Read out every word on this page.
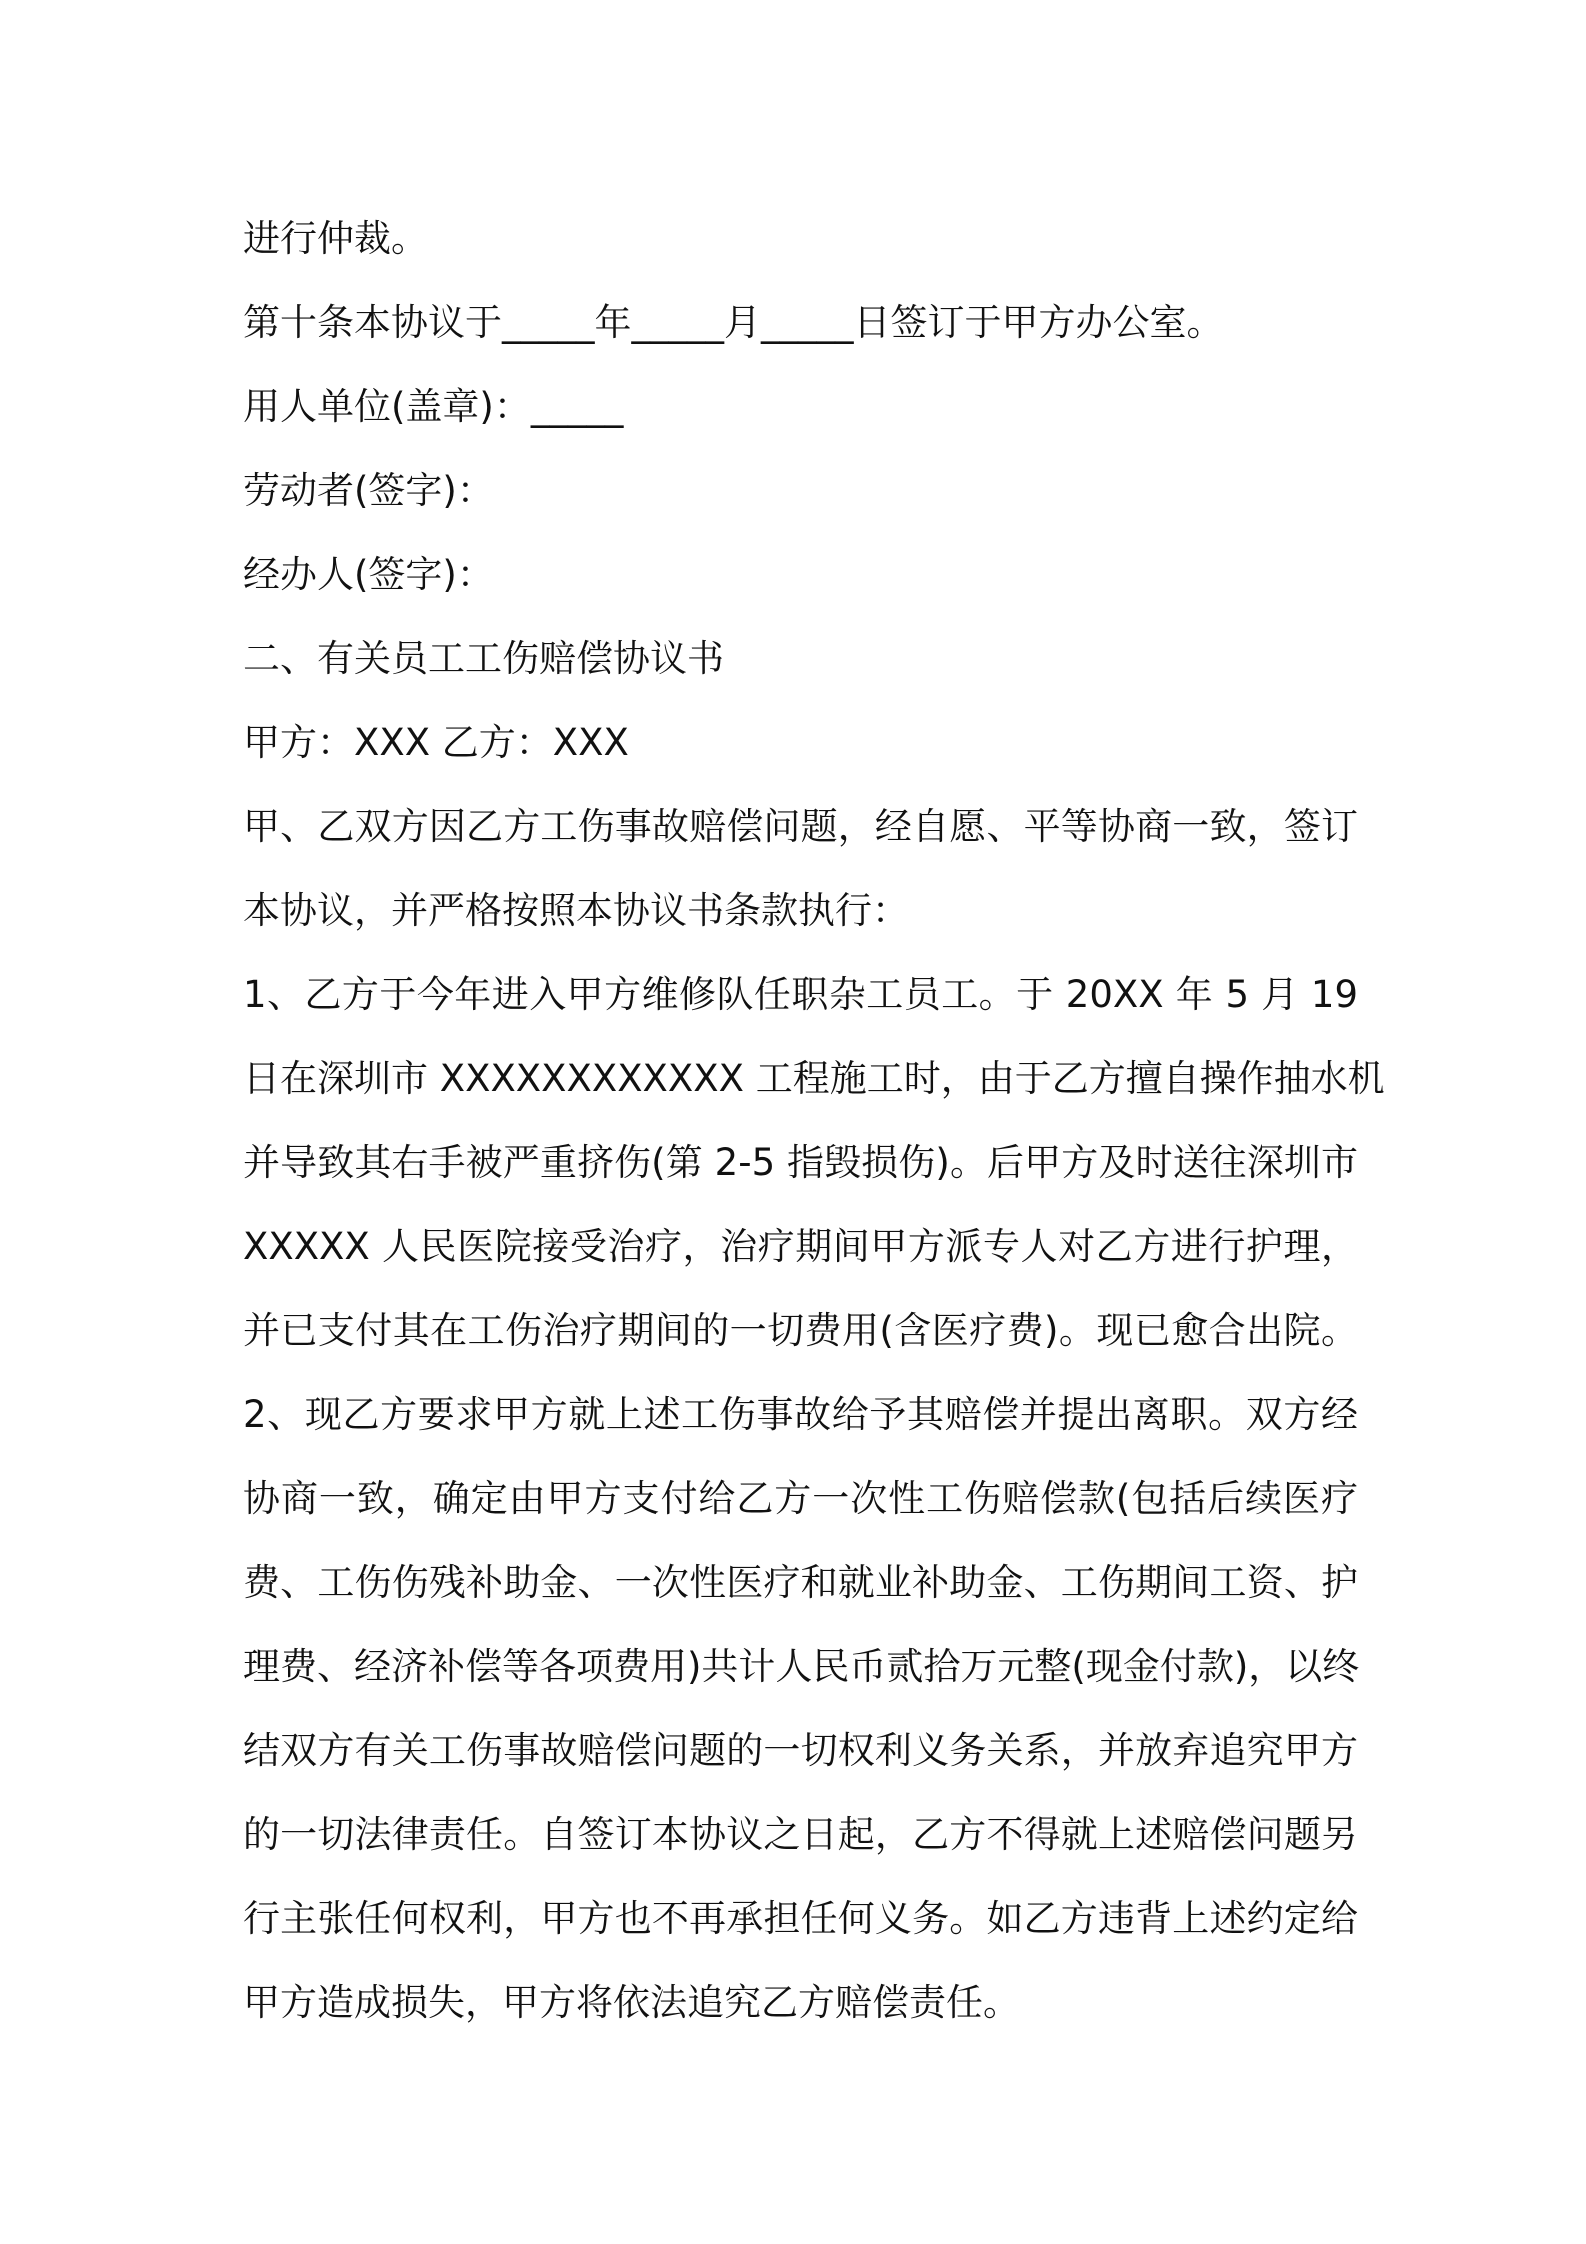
进行仲裁。
第十条本协议于_____年_____月_____日签订于甲方办公室。
用人单位(盖章)：_____
劳动者(签字)：
经办人(签字)：
二、有关员工工伤赔偿协议书
甲方：XXX 乙方：XXX
甲、乙双方因乙方工伤事故赔偿问题，经自愿、平等协商一致，签订
本协议，并严格按照本协议书条款执行：
1、乙方于今年进入甲方维修队任职杂工员工。于 20XX 年 5 月 19
日在深圳市 XXXXXXXXXXXX 工程施工时，由于乙方擅自操作抽水机
并导致其右手被严重挤伤(第 2-5 指毁损伤)。后甲方及时送往深圳市
XXXXX 人民医院接受治疗，治疗期间甲方派专人对乙方进行护理，
并已支付其在工伤治疗期间的一切费用(含医疗费)。现已愈合出院。
2、现乙方要求甲方就上述工伤事故给予其赔偿并提出离职。双方经
协商一致，确定由甲方支付给乙方一次性工伤赔偿款(包括后续医疗
费、工伤伤残补助金、一次性医疗和就业补助金、工伤期间工资、护
理费、经济补偿等各项费用)共计人民币贰拾万元整(现金付款)，以终
结双方有关工伤事故赔偿问题的一切权利义务关系，并放弃追究甲方
的一切法律责任。自签订本协议之日起，乙方不得就上述赔偿问题另
行主张任何权利，甲方也不再承担任何义务。如乙方违背上述约定给
甲方造成损失，甲方将依法追究乙方赔偿责任。
